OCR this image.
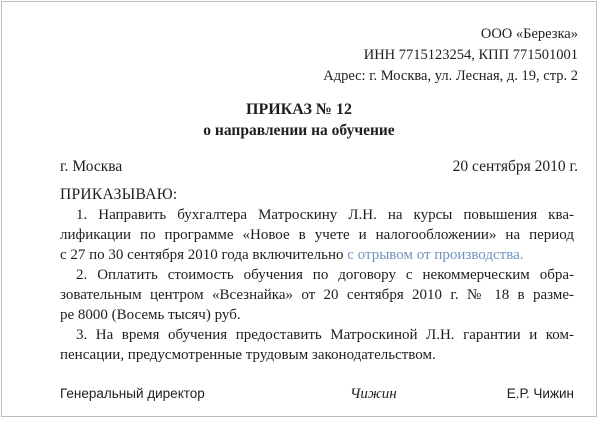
ООО «Березка»
ИНН 7715123254, КПП 771501001
Адрес: г. Москва, ул. Лесная, д. 19, стр. 2
ПРИКАЗ № 12
о направлении на обучение
г. Москва	20 сентября 2010 г.
ПРИКАЗЫВАЮ:
1. Направить бухгалтера Матроскину Л.Н. на курсы повышения ква-
лификации по программе «Новое в учете и налогообложении» на период
с 27 по 30 сентября 2010 года включительно с отрывом от производства.
2. Оплатить стоимость обучения по договору с некоммерческим обра-
зовательным центром «Всезнайка» от 20 сентября 2010 г. № 18 в разме-
ре 8000 (Восемь тысяч) руб.
3. На время обучения предоставить Матроскиной Л.Н. гарантии и ком-
пенсации, предусмотренные трудовым законодательством.
Генеральный директор	Чижин	Е.Р. Чижин
